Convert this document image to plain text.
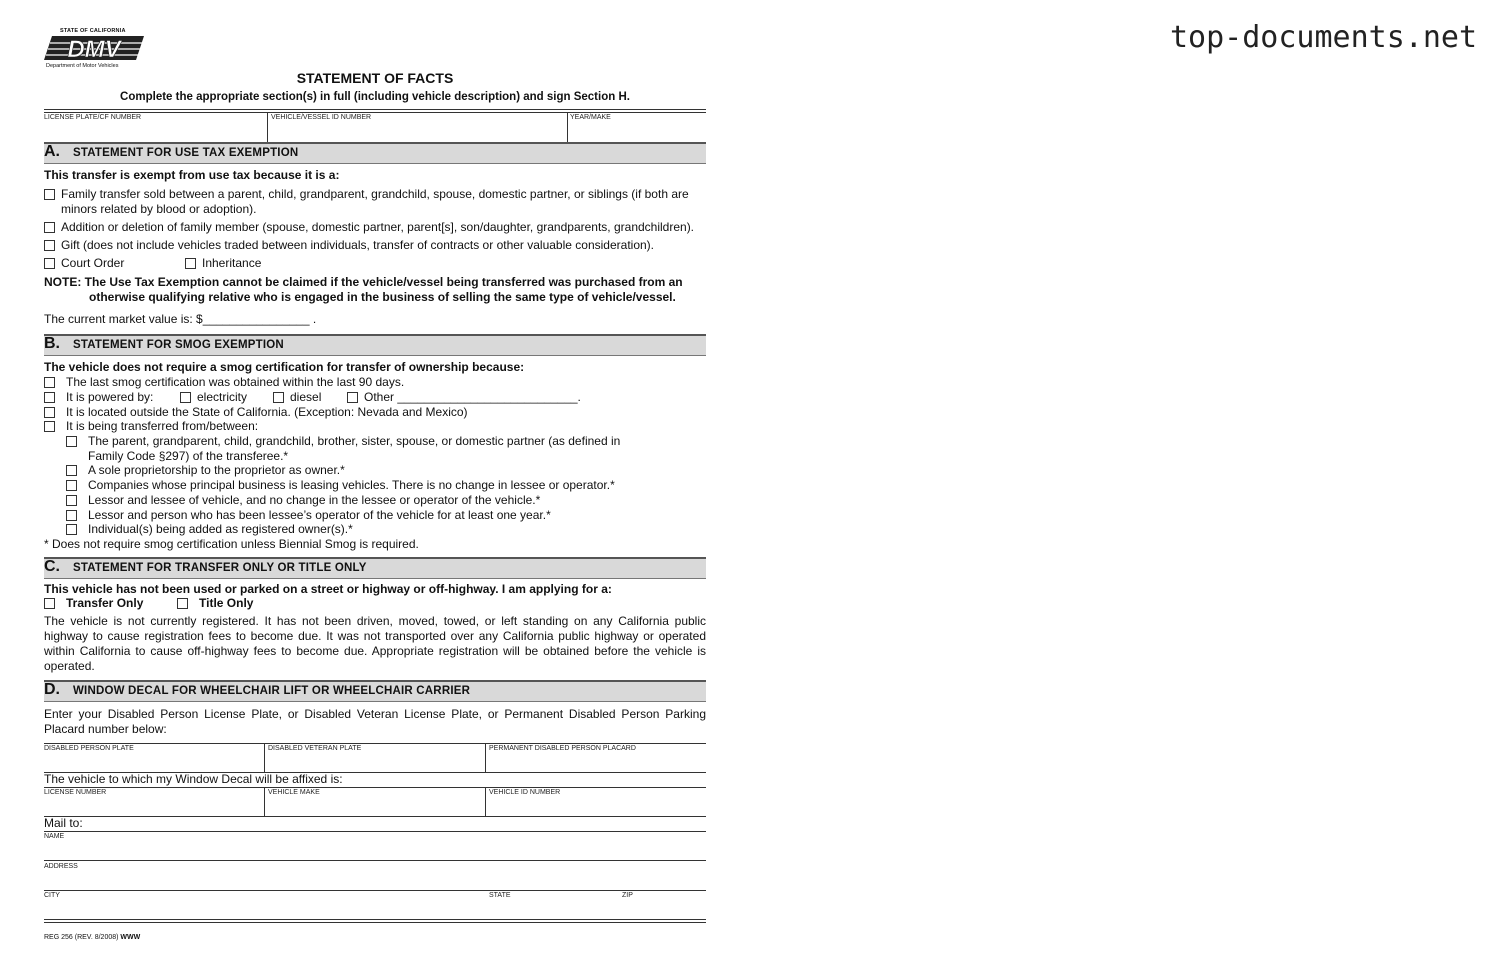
top-documents.net
STATE OF CALIFORNIA
DMV
Department of Motor Vehicles
STATEMENT OF FACTS
Complete the appropriate section(s) in full (including vehicle description) and sign Section H.
LICENSE PLATE/CF NUMBER	VEHICLE/VESSEL ID NUMBER	YEAR/MAKE
A. STATEMENT FOR USE TAX EXEMPTION
This transfer is exempt from use tax because it is a:
Family transfer sold between a parent, child, grandparent, grandchild, spouse, domestic partner, or siblings (if both are
minors related by blood or adoption).
Addition or deletion of family member (spouse, domestic partner, parent[s], son/daughter, grandparents, grandchildren).
Gift (does not include vehicles traded between individuals, transfer of contracts or other valuable consideration).
Court Order	Inheritance
NOTE: The Use Tax Exemption cannot be claimed if the vehicle/vessel being transferred was purchased from an
otherwise qualifying relative who is engaged in the business of selling the same type of vehicle/vessel.
The current market value is: $________________ .
B. STATEMENT FOR SMOG EXEMPTION
The vehicle does not require a smog certification for transfer of ownership because:
The last smog certification was obtained within the last 90 days.
It is powered by:	electricity	diesel	Other ___________________________.
It is located outside the State of California. (Exception: Nevada and Mexico)
It is being transferred from/between:
The parent, grandparent, child, grandchild, brother, sister, spouse, or domestic partner (as defined in
Family Code §297) of the transferee.*
A sole proprietorship to the proprietor as owner.*
Companies whose principal business is leasing vehicles. There is no change in lessee or operator.*
Lessor and lessee of vehicle, and no change in the lessee or operator of the vehicle.*
Lessor and person who has been lessee’s operator of the vehicle for at least one year.*
Individual(s) being added as registered owner(s).*
* Does not require smog certification unless Biennial Smog is required.
C. STATEMENT FOR TRANSFER ONLY OR TITLE ONLY
This vehicle has not been used or parked on a street or highway or off-highway. I am applying for a:
Transfer Only	Title Only
The vehicle is not currently registered. It has not been driven, moved, towed, or left standing on any California public highway to cause registration fees to become due. It was not transported over any California public highway or operated within California to cause off-highway fees to become due. Appropriate registration will be obtained before the vehicle is operated.
D. WINDOW DECAL FOR WHEELCHAIR LIFT OR WHEELCHAIR CARRIER
Enter your Disabled Person License Plate, or Disabled Veteran License Plate, or Permanent Disabled Person Parking Placard number below:
DISABLED PERSON PLATE	DISABLED VETERAN PLATE	PERMANENT DISABLED PERSON PLACARD
The vehicle to which my Window Decal will be affixed is:
LICENSE NUMBER	VEHICLE MAKE	VEHICLE ID NUMBER
Mail to:
NAME
ADDRESS
CITY	STATE	ZIP
REG 256 (REV. 8/2008) WWW
